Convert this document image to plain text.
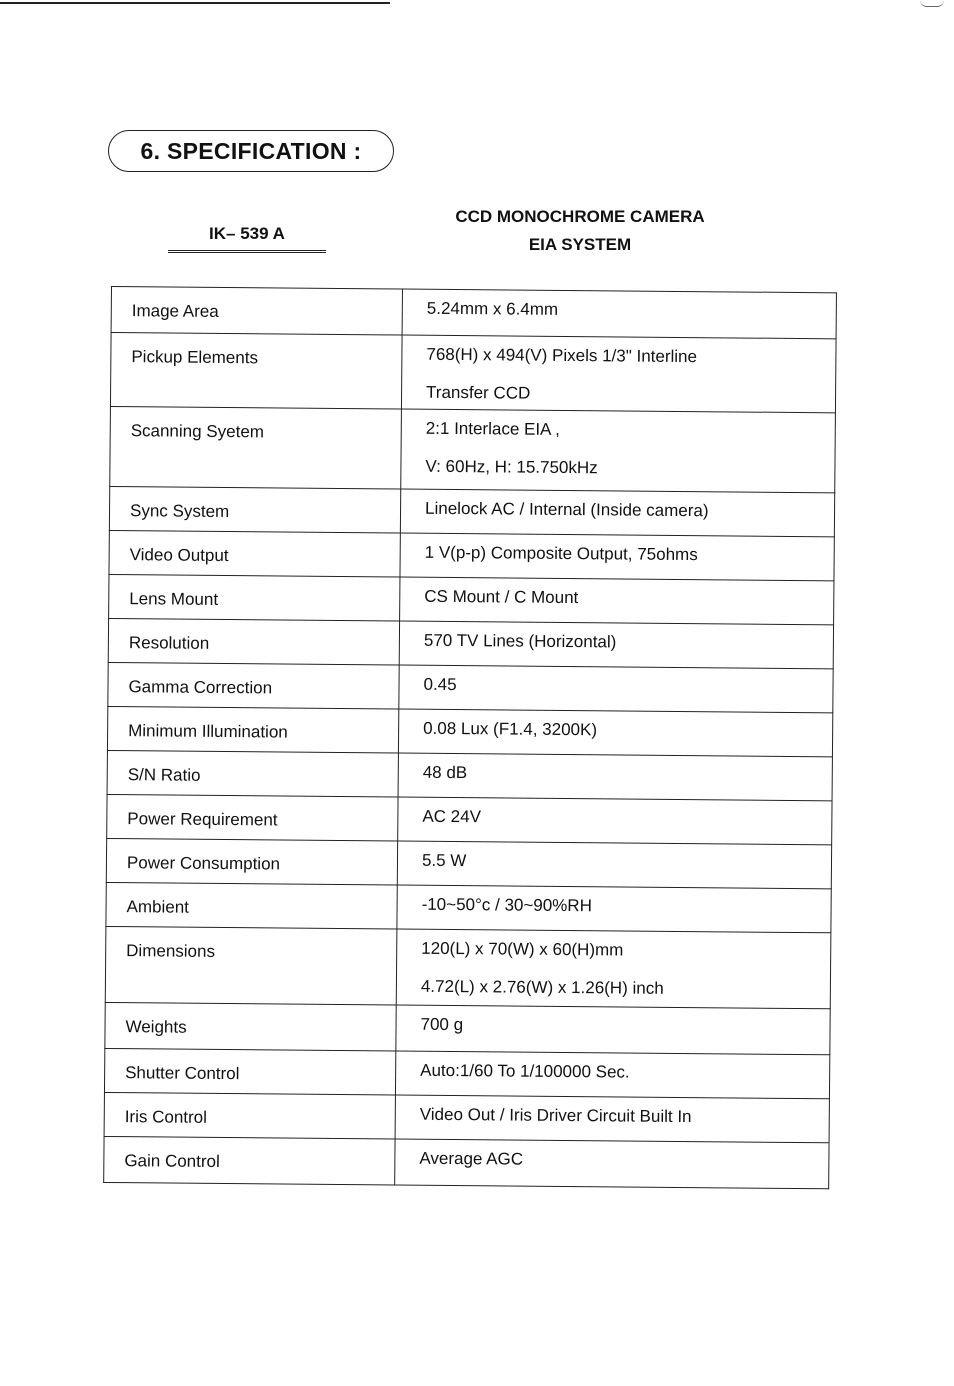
6. SPECIFICATION :
IK– 539 A
CCD MONOCHROME CAMERA
EIA SYSTEM
Image Area	5.24mm x 6.4mm

Pickup Elements	768(H) x 494(V) Pixels 1/3" Interline
Transfer CCD

Scanning Syetem	2:1 Interlace EIA ,
V: 60Hz, H: 15.750kHz

Sync System	Linelock AC / Internal (Inside camera)

Video Output	1 V(p-p) Composite Output, 75ohms

Lens Mount	CS Mount / C Mount

Resolution	570 TV Lines (Horizontal)

Gamma Correction	0.45

Minimum Illumination	0.08 Lux (F1.4, 3200K)

S/N Ratio	48 dB

Power Requirement	AC 24V

Power Consumption	5.5 W

Ambient	-10~50°c / 30~90%RH

Dimensions	120(L) x 70(W) x 60(H)mm
4.72(L) x 2.76(W) x 1.26(H) inch

Weights	700 g

Shutter Control	Auto:1/60 To 1/100000 Sec.

Iris Control	Video Out / Iris Driver Circuit Built In

Gain Control	Average AGC
